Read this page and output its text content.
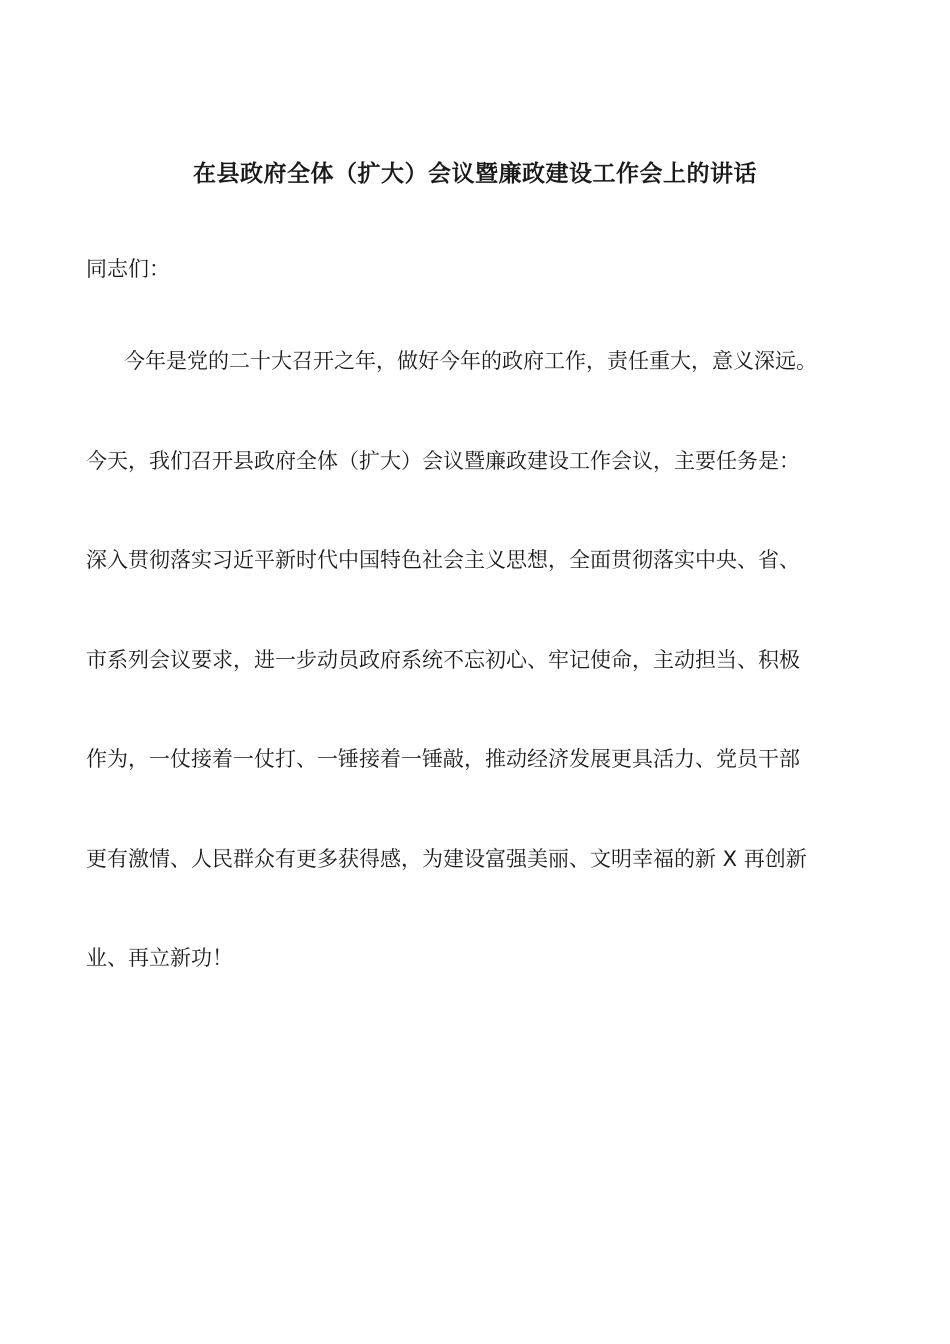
在县政府全体（扩大）会议暨廉政建设工作会上的讲话
同志们：
今年是党的二十大召开之年，做好今年的政府工作，责任重大，意义深远。
今天，我们召开县政府全体（扩大）会议暨廉政建设工作会议，主要任务是：
深入贯彻落实习近平新时代中国特色社会主义思想，全面贯彻落实中央、省、
市系列会议要求，进一步动员政府系统不忘初心、牢记使命，主动担当、积极
作为，一仗接着一仗打、一锤接着一锤敲，推动经济发展更具活力、党员干部
更有激情、人民群众有更多获得感，为建设富强美丽、文明幸福的新 X 再创新
业、再立新功！
